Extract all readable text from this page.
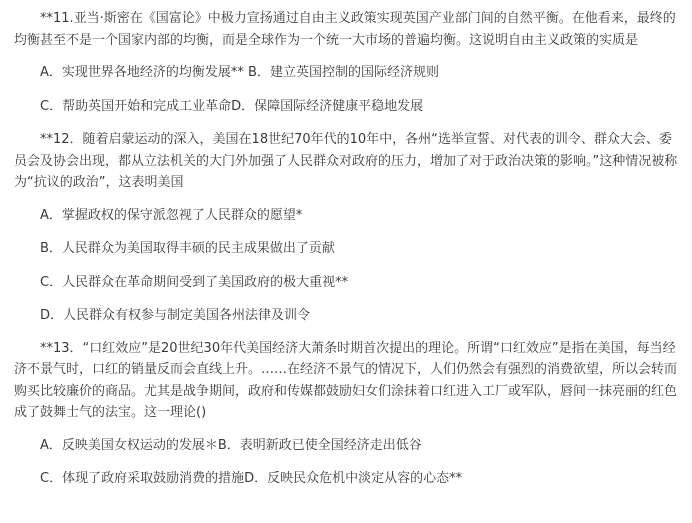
**11.亚当·斯密在《国富论》中极力宣扬通过自由主义政策实现英国产业部门间的自然平衡。在他看来，最终的均衡甚至不是一个国家内部的均衡，而是全球作为一个统一大市场的普遍均衡。这说明自由主义政策的实质是

A．实现世界各地经济的均衡发展** B．建立英国控制的国际经济规则

C．帮助英国开始和完成工业革命D．保障国际经济健康平稳地发展

**12．随着启蒙运动的深入，美国在18世纪70年代的10年中，各州“选举宣誓、对代表的训令、群众大会、委员会及协会出现，都从立法机关的大门外加强了人民群众对政府的压力，增加了对于政治决策的影响。”这种情况被称为“抗议的政治”，这表明美国

A．掌握政权的保守派忽视了人民群众的愿望*

B．人民群众为美国取得丰硕的民主成果做出了贡献

C．人民群众在革命期间受到了美国政府的极大重视**

D．人民群众有权参与制定美国各州法律及训令

**13．“口红效应”是20世纪30年代美国经济大萧条时期首次提出的理论。所谓“口红效应”是指在美国，每当经济不景气时，口红的销量反而会直线上升。……在经济不景气的情况下，人们仍然会有强烈的消费欲望，所以会转而购买比较廉价的商品。尤其是战争期间，政府和传媒都鼓励妇女们涂抹着口红进入工厂或军队，唇间一抹亮丽的红色成了鼓舞士气的法宝。这一理论()

A．反映美国女权运动的发展＊B．表明新政已使全国经济走出低谷

C．体现了政府采取鼓励消费的措施D．反映民众危机中淡定从容的心态**
